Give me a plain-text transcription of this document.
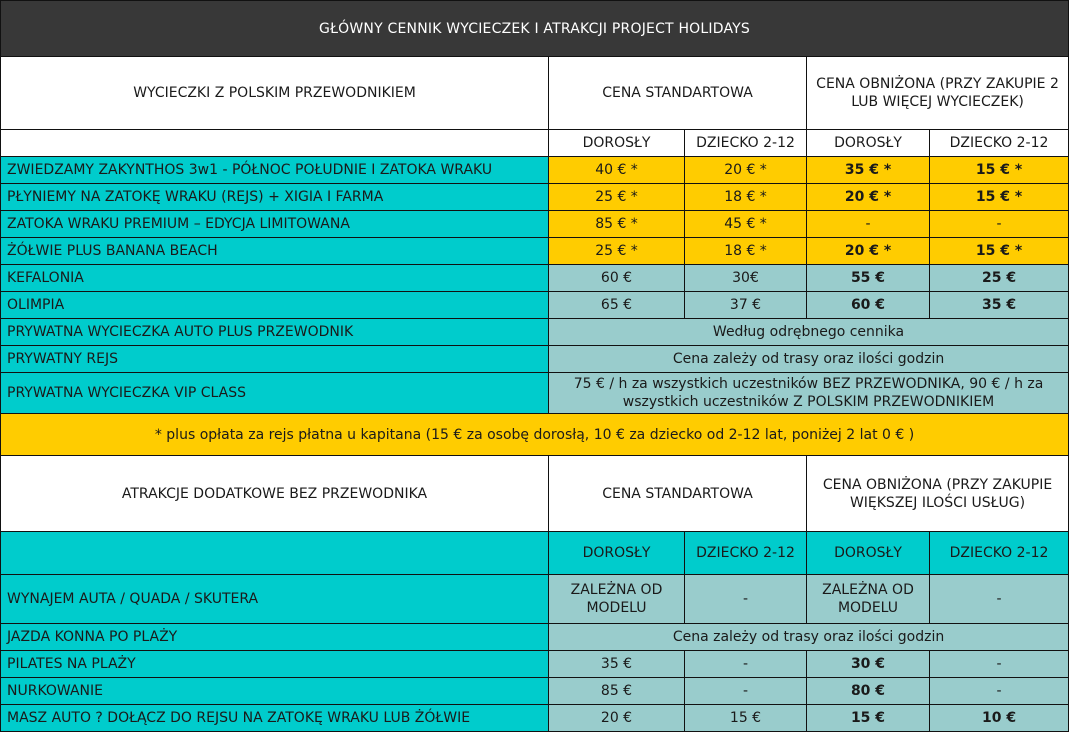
GŁÓWNY CENNIK WYCIECZEK I ATRAKCJI PROJECT HOLIDAYS				
WYCIECZKI Z POLSKIM PRZEWODNIKIEM	CENA STANDARTOWA		CENA OBNIŻONA (PRZY ZAKUPIE 2 LUB WIĘCEJ WYCIECZEK)	
	DOROSŁY	DZIECKO 2-12	DOROSŁY	DZIECKO 2-12
ZWIEDZAMY ZAKYNTHOS 3w1 - PÓŁNOC POŁUDNIE I ZATOKA WRAKU	40 € *	20 € *	35 € *	15 € *
PŁYNIEMY NA ZATOKĘ WRAKU (REJS) + XIGIA I FARMA	25 € *	18 € *	20 € *	15 € *
ZATOKA WRAKU PREMIUM – EDYCJA LIMITOWANA	85 € *	45 € *	-	-
ŻÓŁWIE PLUS BANANA BEACH	25 € *	18 € *	20 € *	15 € *
KEFALONIA	60 €	30€	55 €	25 €
OLIMPIA	65 €	37 €	60 €	35 €
PRYWATNA WYCIECZKA AUTO PLUS PRZEWODNIK	Według odrębnego cennika			
PRYWATNY REJS	Cena zależy od trasy oraz ilości godzin			
PRYWATNA WYCIECZKA VIP CLASS	75 € / h za wszystkich uczestników BEZ PRZEWODNIKA, 90 € / h za wszystkich uczestników Z POLSKIM PRZEWODNIKIEM			
* plus opłata za rejs płatna u kapitana (15 € za osobę dorosłą, 10 € za dziecko od 2-12 lat, poniżej 2 lat 0 € )				
ATRAKCJE DODATKOWE BEZ PRZEWODNIKA	CENA STANDARTOWA		CENA OBNIŻONA (PRZY ZAKUPIE WIĘKSZEJ ILOŚCI USŁUG)	
	DOROSŁY	DZIECKO 2-12	DOROSŁY	DZIECKO 2-12
WYNAJEM AUTA / QUADA / SKUTERA	ZALEŻNA OD MODELU	-	ZALEŻNA OD MODELU	-
JAZDA KONNA PO PLAŻY	Cena zależy od trasy oraz ilości godzin			
PILATES NA PLAŻY	35 €	-	30 €	-
NURKOWANIE	85 €	-	80 €	-
MASZ AUTO ? DOŁĄCZ DO REJSU NA ZATOKĘ WRAKU LUB ŻÓŁWIE	20 €	15 €	15 €	10 €
